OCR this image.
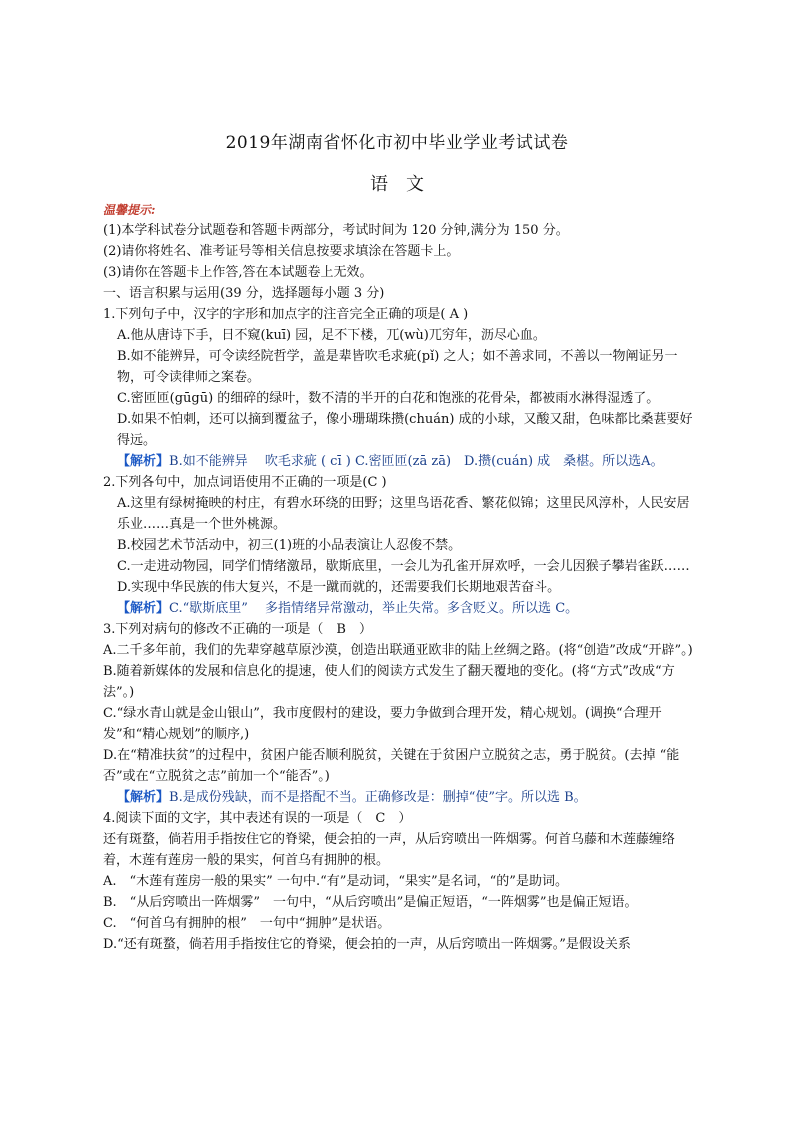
2019年湖南省怀化市初中毕业学业考试试卷
语　文
温馨提示:
(1)本学科试卷分试题卷和答题卡两部分，考试时间为 120 分钟,满分为 150 分。
(2)请你将姓名、准考证号等相关信息按要求填涂在答题卡上。
(3)请你在答题卡上作答,答在本试题卷上无效。
一、语言积累与运用(39 分，选择题每小题 3 分)
1.下列句子中，汉字的字形和加点字的注音完全正确的项是( A )
A.他从唐诗下手，日不窥(kuī) 园，足不下楼，兀(wù)兀穷年，沥尽心血。
B.如不能辨异，可令读经院哲学，盖是辈皆吹毛求疵(pǐ) 之人；如不善求同，不善以一物阐证另一物，可令读律师之案卷。
C.密匝匝(gūgū) 的细碎的绿叶，数不清的半开的白花和饱涨的花骨朵，都被雨水淋得湿透了。
D.如果不怕刺，还可以摘到覆盆子，像小珊瑚珠攒(chuán) 成的小球，又酸又甜，色味都比桑葚要好得远。
【解析】B.如不能辨异　 吹毛求疵 ( cī ) C.密匝匝(zā zā)　D.攒(cuán) 成　桑椹。所以选A。
2.下列各句中，加点词语使用不正确的一项是(C )
A.这里有绿树掩映的村庄，有碧水环绕的田野；这里鸟语花香、繁花似锦；这里民风淳朴，人民安居乐业……真是一个世外桃源。
B.校园艺术节活动中，初三(1)班的小品表演让人忍俊不禁。
C.一走进动物园，同学们情绪激昂，歇斯底里，一会儿为孔雀开屏欢呼，一会儿因猴子攀岩雀跃……
D.实现中华民族的伟大复兴，不是一蹴而就的，还需要我们长期地艰苦奋斗。
【解析】C.“歇斯底里”　 多指情绪异常激动，举止失常。多含贬义。所以选 C。
3.下列对病句的修改不正确的一项是（　B　）
A.二千多年前，我们的先辈穿越草原沙漠，创造出联通亚欧非的陆上丝绸之路。(将“创造”改成“开辟”。)
B.随着新媒体的发展和信息化的提速，使人们的阅读方式发生了翻天覆地的变化。(将“方式”改成“方法”。)
C.“绿水青山就是金山银山”，我市度假村的建设，要力争做到合理开发，精心规划。(调换“合理开发”和“精心规划”的顺序,)
D.在“精准扶贫”的过程中，贫困户能否顺利脱贫，关键在于贫困户立脱贫之志，勇于脱贫。(去掉 “能否”或在“立脱贫之志”前加一个“能否”。)
【解析】B.是成份残缺，而不是搭配不当。正确修改是：删掉“使”字。所以选 B。
4.阅读下面的文字，其中表述有误的一项是（　C　）
还有斑蝥，倘若用手指按住它的脊梁，便会拍的一声，从后窍喷出一阵烟雾。何首乌藤和木莲藤缠络着，木莲有莲房一般的果实，何首乌有拥肿的根。
A.　“木莲有莲房一般的果实” 一句中.“有”是动词，“果实”是名词，“的”是助词。
B.　“从后窍喷出一阵烟雾”　一句中，“从后窍喷出”是偏正短语，“一阵烟雾”也是偏正短语。
C.　“何首乌有拥肿的根”　一句中“拥肿”是状语。
D.“还有斑蝥，倘若用手指按住它的脊梁，便会拍的一声，从后窍喷出一阵烟雾。”是假设关系
